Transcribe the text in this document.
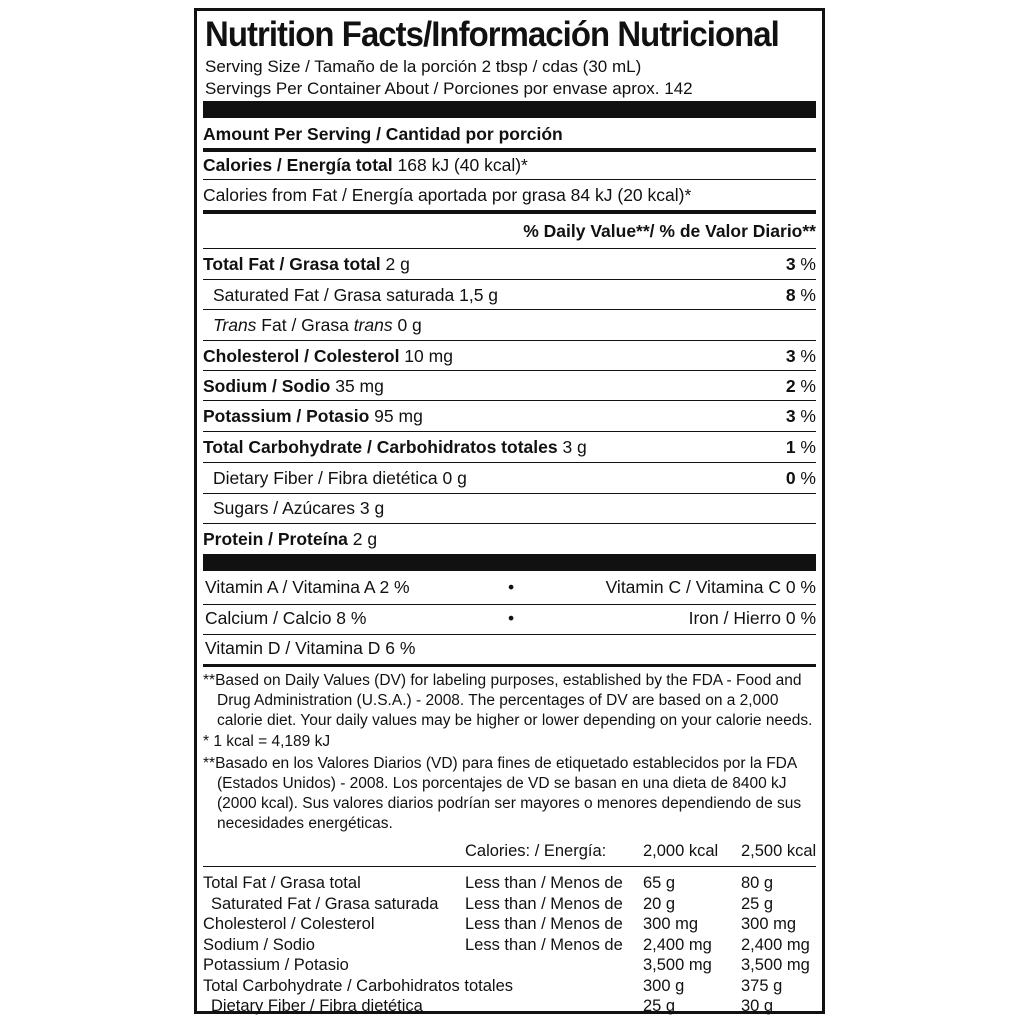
Nutrition Facts/Información Nutricional
Serving Size / Tamaño de la porción 2 tbsp / cdas (30 mL)
Servings Per Container About / Porciones por envase aprox. 142
Amount Per Serving / Cantidad por porción
Calories / Energía total 168 kJ (40 kcal)*
Calories from Fat / Energía aportada por grasa 84 kJ (20 kcal)*
% Daily Value**/ % de Valor Diario**
Total Fat / Grasa total 2 g	3 %
Saturated Fat / Grasa saturada 1,5 g	8 %
Trans Fat / Grasa trans 0 g
Cholesterol / Colesterol 10 mg	3 %
Sodium / Sodio 35 mg	2 %
Potassium / Potasio 95 mg	3 %
Total Carbohydrate / Carbohidratos totales 3 g	1 %
Dietary Fiber / Fibra dietética 0 g	0 %
Sugars / Azúcares 3 g
Protein / Proteína 2 g
Vitamin A / Vitamina A 2 %	•	Vitamin C / Vitamina C 0 %
Calcium / Calcio 8 %	•	Iron / Hierro 0 %
Vitamin D / Vitamina D 6 %

**Based on Daily Values (DV) for labeling purposes, established by the FDA - Food and Drug Administration (U.S.A.) - 2008. The percentages of DV are based on a 2,000 calorie diet. Your daily values may be higher or lower depending on your calorie needs.

* 1 kcal = 4,189 kJ

**Basado en los Valores Diarios (VD) para fines de etiquetado establecidos por la FDA (Estados Unidos) - 2008. Los porcentajes de VD se basan en una dieta de 8400 kJ (2000 kcal). Sus valores diarios podrían ser mayores o menores dependiendo de sus necesidades energéticas.

Calories: / Energía: 2,000 kcal 2,500 kcal
Total Fat / Grasa total	Less than / Menos de 65 g	80 g
Saturated Fat / Grasa saturada Less than / Menos de 20 g	25 g
Cholesterol / Colesterol	Less than / Menos de 300 mg	300 mg
Sodium / Sodio	Less than / Menos de 2,400 mg 2,400 mg
Potassium / Potasio	3,500 mg 3,500 mg
Total Carbohydrate / Carbohidratos totales	300 g	375 g
Dietary Fiber / Fibra dietética	25 g	30 g
